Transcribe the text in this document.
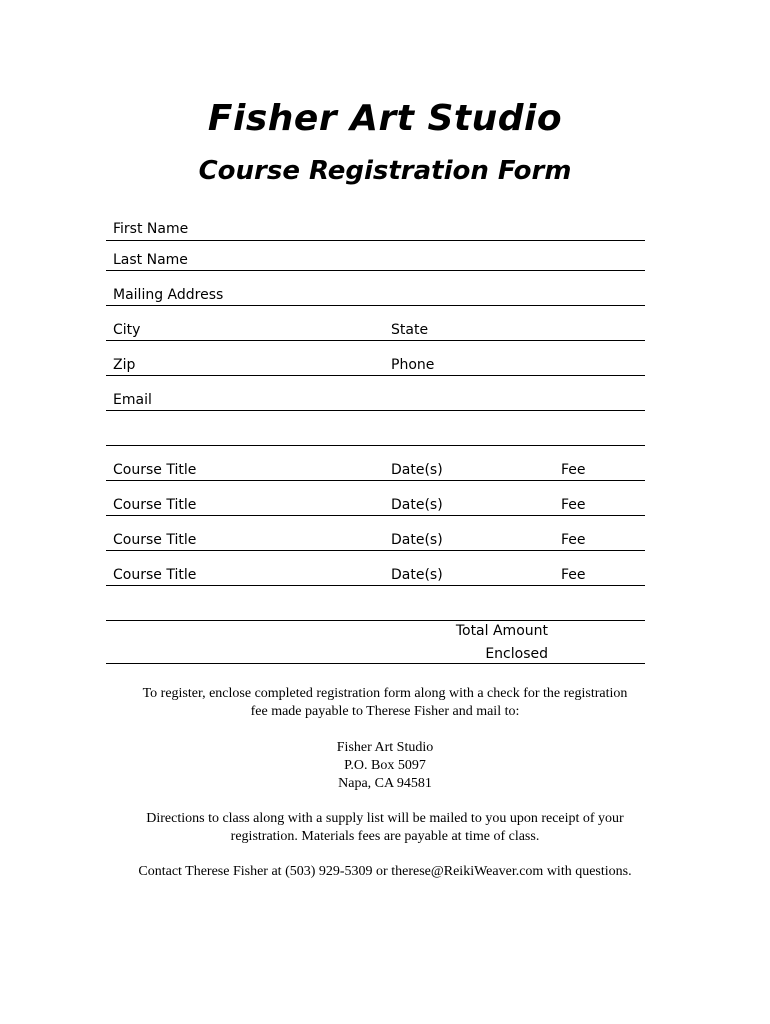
Fisher Art Studio
Course Registration Form
First Name
Last Name
Mailing Address
City	State
Zip	Phone
Email
Course Title	Date(s)	Fee
Course Title	Date(s)	Fee
Course Title	Date(s)	Fee
Course Title	Date(s)	Fee
Total Amount
Enclosed

To register, enclose completed registration form along with a check for the registration

fee made payable to Therese Fisher and mail to:

Fisher Art Studio

P.O. Box 5097

Napa, CA 94581

Directions to class along with a supply list will be mailed to you upon receipt of your

registration. Materials fees are payable at time of class.

Contact Therese Fisher at (503) 929-5309 or therese@ReikiWeaver.com with questions.
